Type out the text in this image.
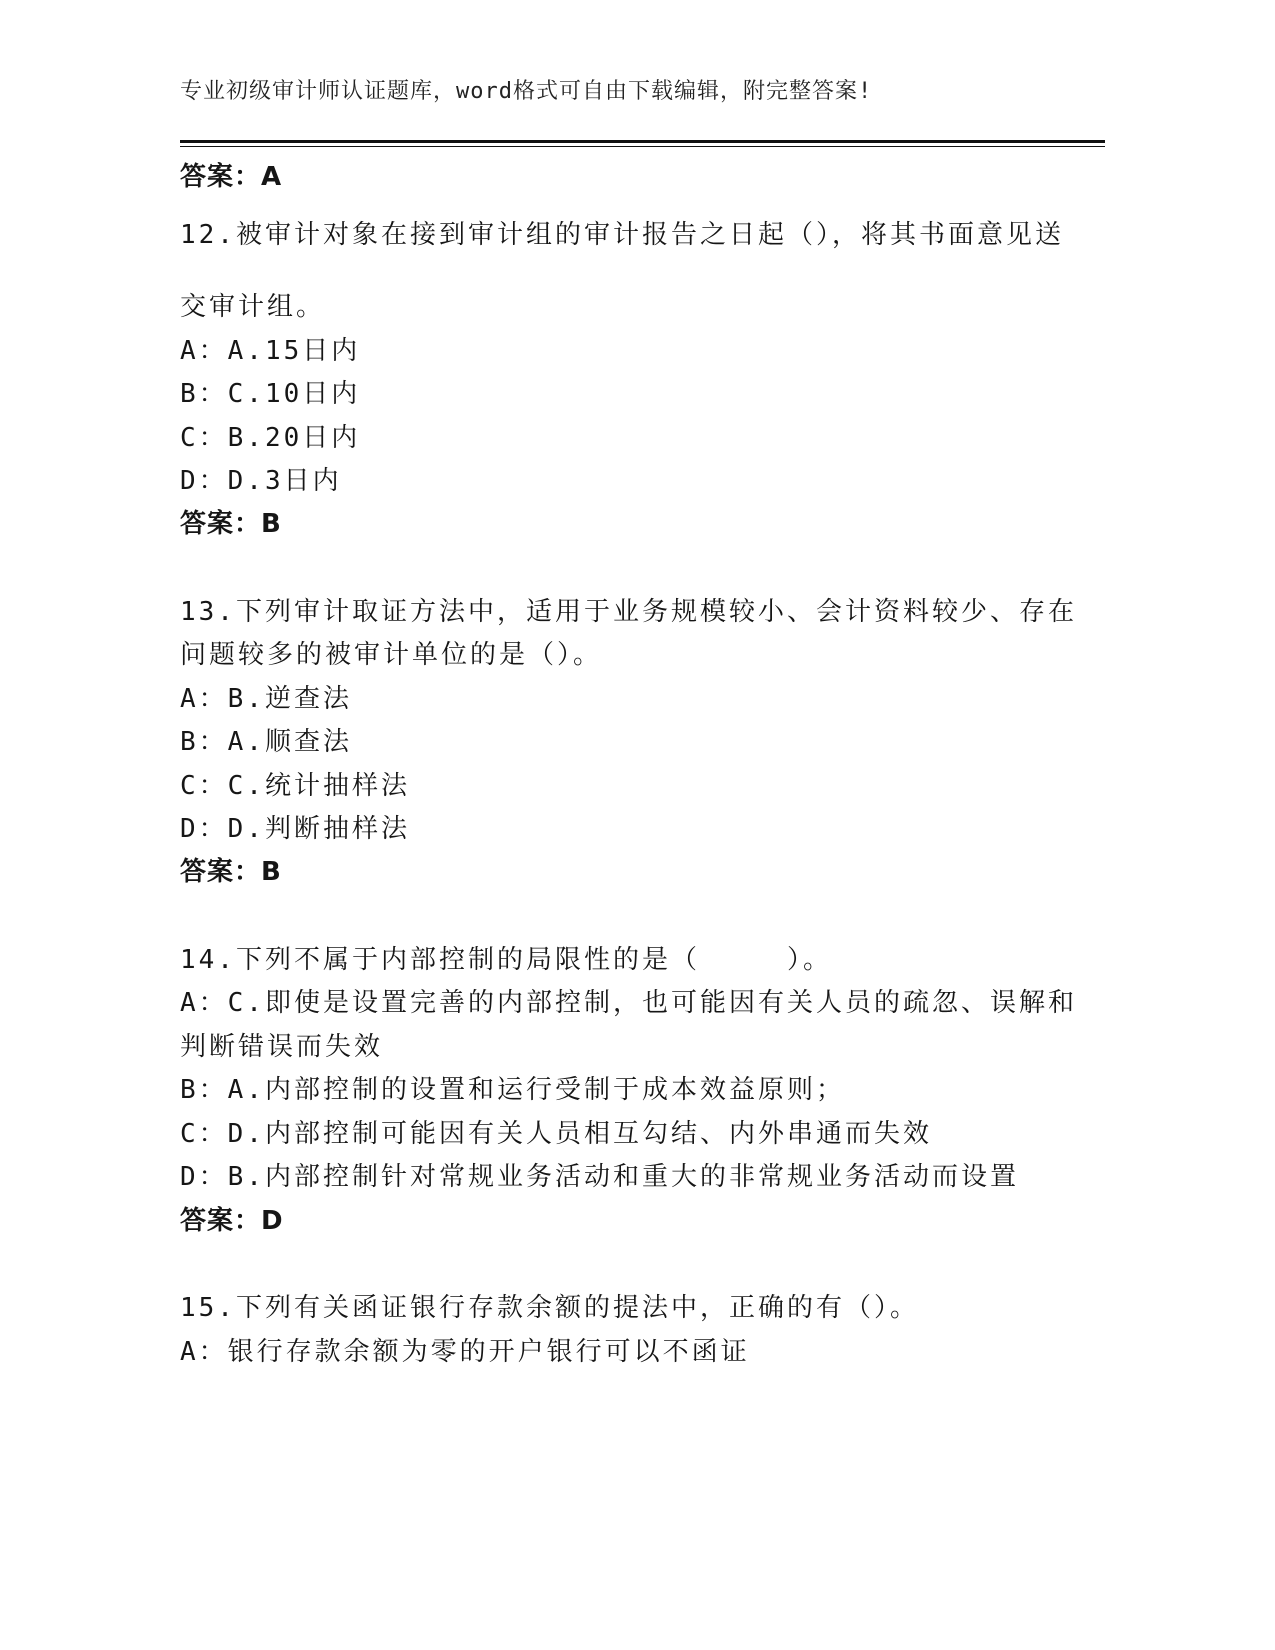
专业初级审计师认证题库，word格式可自由下载编辑，附完整答案!
答案：A
12.被审计对象在接到审计组的审计报告之日起（），将其书面意见送
交审计组。
A：A.15日内
B：C.10日内
C：B.20日内
D：D.3日内
答案：B
13.下列审计取证方法中，适用于业务规模较小、会计资料较少、存在
问题较多的被审计单位的是（）。
A：B.逆查法
B：A.顺查法
C：C.统计抽样法
D：D.判断抽样法
答案：B
14.下列不属于内部控制的局限性的是（　　　）。
A：C.即使是设置完善的内部控制，也可能因有关人员的疏忽、误解和
判断错误而失效
B：A.内部控制的设置和运行受制于成本效益原则；
C：D.内部控制可能因有关人员相互勾结、内外串通而失效
D：B.内部控制针对常规业务活动和重大的非常规业务活动而设置
答案：D
15.下列有关函证银行存款余额的提法中，正确的有（）。
A：银行存款余额为零的开户银行可以不函证
